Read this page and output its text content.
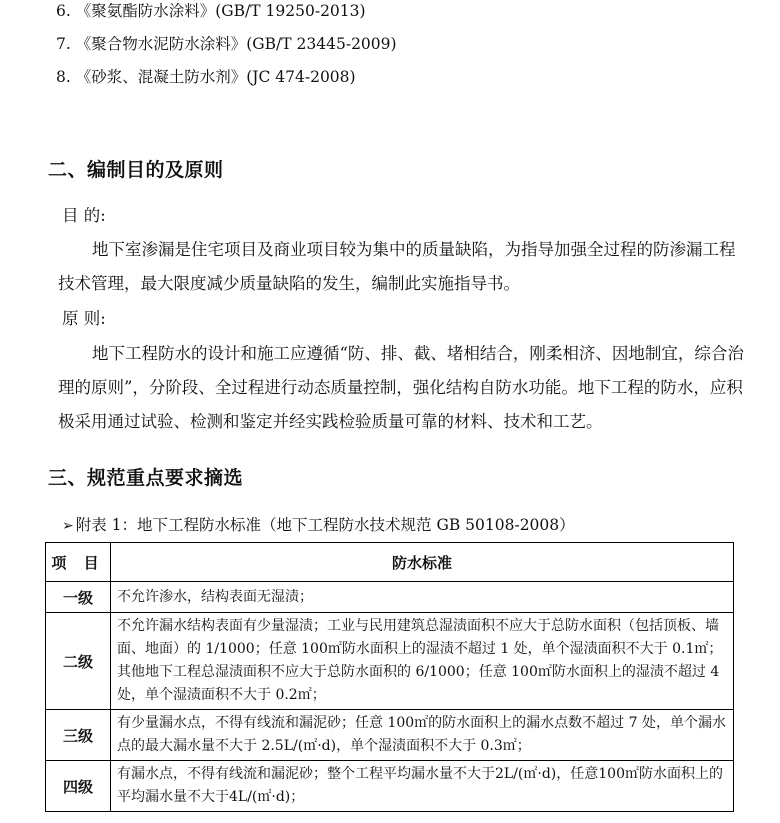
6. 《聚氨酯防水涂料》(GB/T 19250-2013)
7. 《聚合物水泥防水涂料》(GB/T 23445-2009)
8. 《砂浆、混凝土防水剂》(JC 474-2008)
二、编制目的及原则
目 的:

地下室渗漏是住宅项目及商业项目较为集中的质量缺陷，为指导加强全过程的防渗漏工程技术管理，最大限度减少质量缺陷的发生，编制此实施指导书。

原 则:

地下工程防水的设计和施工应遵循“防、排、截、堵相结合，刚柔相济、因地制宜，综合治理的原则”，分阶段、全过程进行动态质量控制，强化结构自防水功能。地下工程的防水，应积极采用通过试验、检测和鉴定并经实践检验质量可靠的材料、技术和工艺。

三、规范重点要求摘选
➢ 附表 1：地下工程防水标准（地下工程防水技术规范 GB 50108-2008）
项 目	防水标准
一级	不允许渗水，结构表面无湿渍；
二级	不允许漏水结构表面有少量湿渍；工业与民用建筑总湿渍面积不应大于总防水面积（包括顶板、墙面、地面）的 1/1000；任意 100㎡防水面积上的湿渍不超过 1 处，单个湿渍面积不大于 0.1㎡；其他地下工程总湿渍面积不应大于总防水面积的 6/1000；任意 100㎡防水面积上的湿渍不超过 4 处，单个湿渍面积不大于 0.2㎡；
三级	有少量漏水点，不得有线流和漏泥砂；任意 100㎡的防水面积上的漏水点数不超过 7 处，单个漏水点的最大漏水量不大于 2.5L/(㎡·d)，单个湿渍面积不大于 0.3㎡；
四级	有漏水点，不得有线流和漏泥砂；整个工程平均漏水量不大于2L/(㎡·d)，任意100㎡防水面积上的平均漏水量不大于4L/(㎡·d)；
